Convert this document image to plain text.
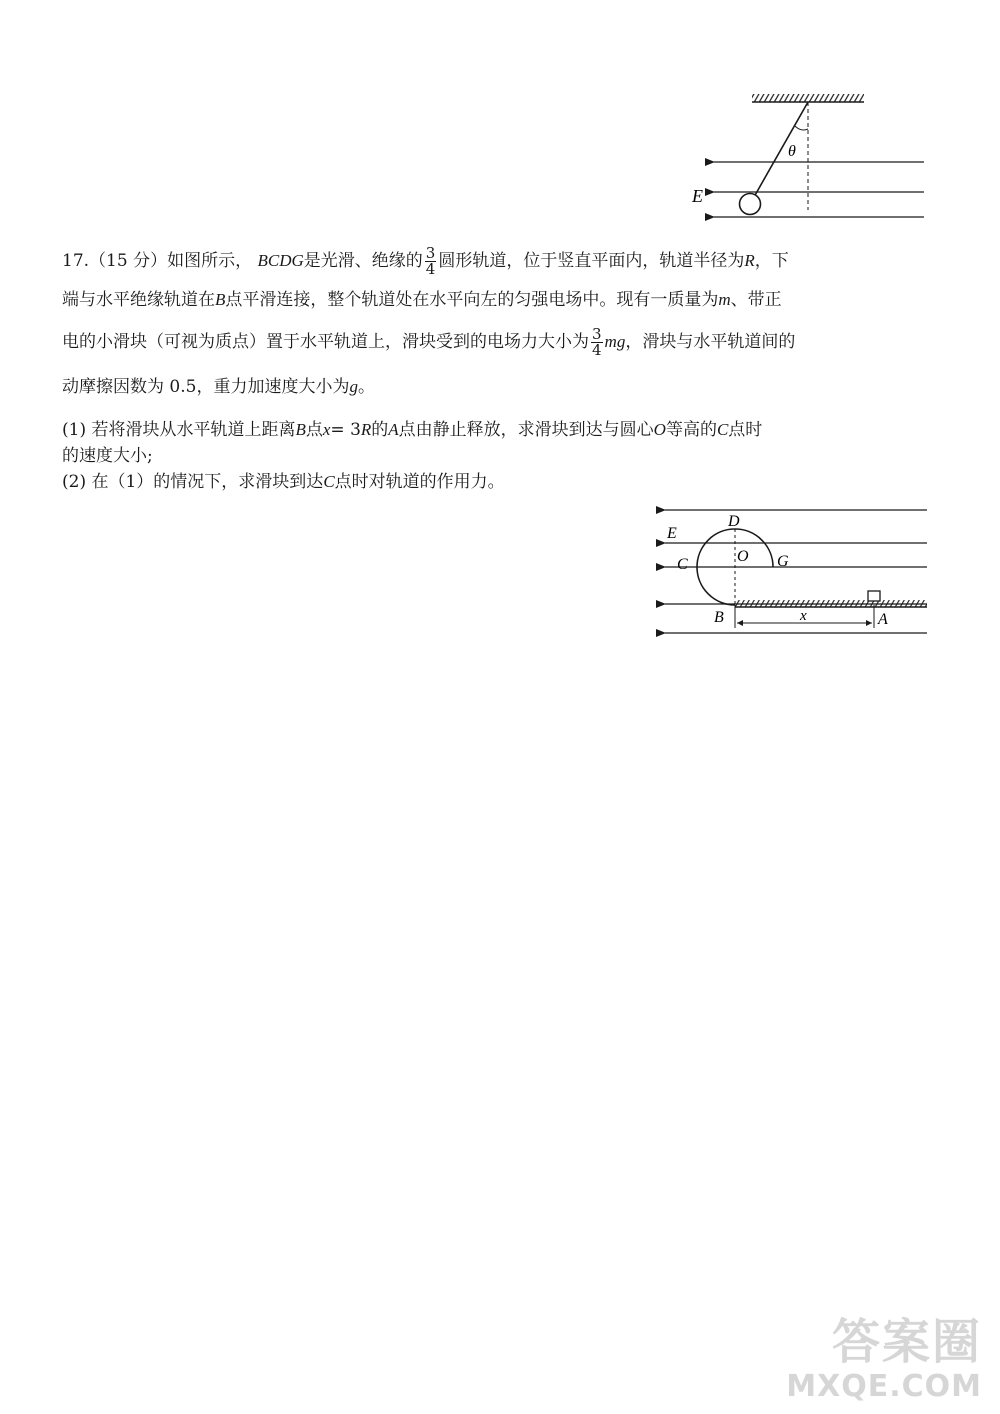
θ
E
17.（15 分）如图所示， BCDG是光滑、绝缘的 $\frac{3}{4}$ 圆形轨道，位于竖直平面内，轨道半径为R，下
端与水平绝缘轨道在B点平滑连接，整个轨道处在水平向左的匀强电场中。现有一质量为m、带正
电的小滑块（可视为质点）置于水平轨道上，滑块受到的电场力大小为 $\frac{3}{4}$ mg，滑块与水平轨道间的
动摩擦因数为 0.5，重力加速度大小为g。
(1) 若将滑块从水平轨道上距离B点x= 3R的A点由静止释放，求滑块到达与圆心O等高的C点时
的速度大小;
(2) 在（1）的情况下，求滑块到达C点时对轨道的作用力。
E
D
O G
C
B	x	A
答案圈
MXQE.COM
